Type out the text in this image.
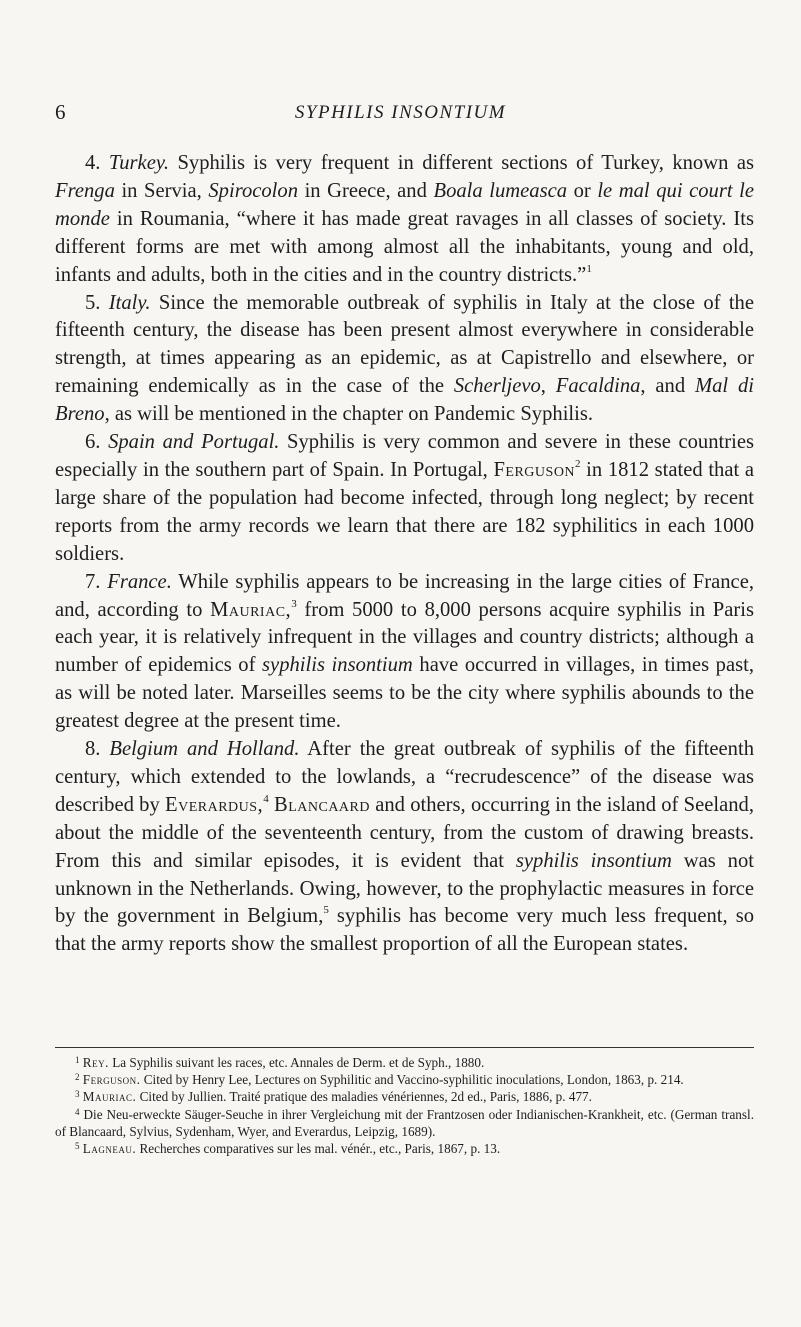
6	SYPHILIS INSONTIUM

4. Turkey. Syphilis is very frequent in different sections of Turkey, known as Frenga in Servia, Spirocolon in Greece, and Boala lumeasca or le mal qui court le monde in Roumania, “where it has made great ravages in all classes of society. Its different forms are met with among almost all the inhabitants, young and old, infants and adults, both in the cities and in the country districts.”$^1$

5. Italy. Since the memorable outbreak of syphilis in Italy at the close of the fifteenth century, the disease has been present almost everywhere in considerable strength, at times appearing as an epidemic, as at Capistrello and elsewhere, or remaining endemically as in the case of the Scherljevo, Facaldina, and Mal di Breno, as will be mentioned in the chapter on Pandemic Syphilis.

6. Spain and Portugal. Syphilis is very common and severe in these countries especially in the southern part of Spain. In Portugal, Ferguson$^2$ in 1812 stated that a large share of the population had become infected, through long neglect; by recent reports from the army records we learn that there are 182 syphilitics in each 1000 soldiers.

7. France. While syphilis appears to be increasing in the large cities of France, and, according to Mauriac,$^3$ from 5000 to 8,000 persons acquire syphilis in Paris each year, it is relatively infrequent in the villages and country districts; although a number of epidemics of syphilis insontium have occurred in villages, in times past, as will be noted later. Marseilles seems to be the city where syphilis abounds to the greatest degree at the present time.

8. Belgium and Holland. After the great outbreak of syphilis of the fifteenth century, which extended to the lowlands, a “recrudescence” of the disease was described by Everardus,$^4$ Blancaard and others, occurring in the island of Seeland, about the middle of the seventeenth century, from the custom of drawing breasts. From this and similar episodes, it is evident that syphilis insontium was not unknown in the Netherlands. Owing, however, to the prophylactic measures in force by the government in Belgium,$^5$ syphilis has become very much less frequent, so that the army reports show the smallest proportion of all the European states.

$^1$ Rey. La Syphilis suivant les races, etc. Annales de Derm. et de Syph., 1880.

$^2$ Ferguson. Cited by Henry Lee, Lectures on Syphilitic and Vaccino-syphilitic inoculations, London, 1863, p. 214.

$^3$ Mauriac. Cited by Jullien. Traité pratique des maladies vénériennes, 2d ed., Paris, 1886, p. 477.

$^4$ Die Neu-erweckte Säuger-Seuche in ihrer Vergleichung mit der Frantzosen oder Indianischen-Krankheit, etc. (German transl. of Blancaard, Sylvius, Sydenham, Wyer, and Everardus, Leipzig, 1689).

$^5$ Lagneau. Recherches comparatives sur les mal. vénér., etc., Paris, 1867, p. 13.
